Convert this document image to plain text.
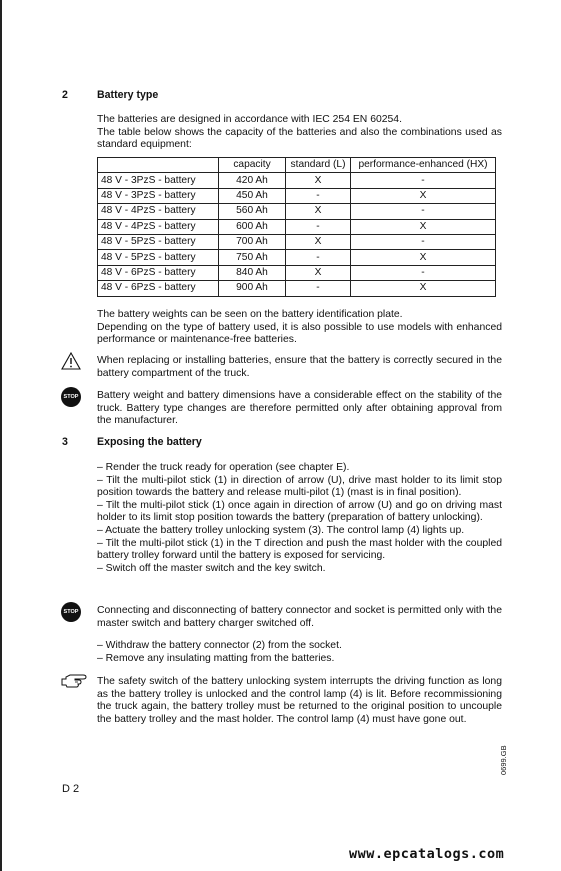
2	Battery type
The batteries are designed in accordance with IEC 254 EN 60254.
The table below shows the capacity of the batteries and also the combinations used as standard equipment:
	capacity	standard (L)	performance-enhanced (HX)
48 V - 3PzS - battery	420 Ah	X	-
48 V - 3PzS - battery	450 Ah	-	X
48 V - 4PzS - battery	560 Ah	X	-
48 V - 4PzS - battery	600 Ah	-	X
48 V - 5PzS - battery	700 Ah	X	-
48 V - 5PzS - battery	750 Ah	-	X
48 V - 6PzS - battery	840 Ah	X	-
48 V - 6PzS - battery	900 Ah	-	X
The battery weights can be seen on the battery identification plate.
Depending on the type of battery used, it is also possible to use models with enhanced performance or maintenance-free batteries.
When replacing or installing batteries, ensure that the battery is correctly secured in the battery compartment of the truck.
STOP Battery weight and battery dimensions have a considerable effect on the stability of the truck. Battery type changes are therefore permitted only after obtaining approval from the manufacturer.
3	Exposing the battery
– Render the truck ready for operation (see chapter E).
– Tilt the multi-pilot stick (1) in direction of arrow (U), drive mast holder to its limit stop position towards the battery and release multi-pilot (1) (mast is in final position).
– Tilt the multi-pilot stick (1) once again in direction of arrow (U) and go on driving mast holder to its limit stop position towards the battery (preparation of battery unlocking).
– Actuate the battery trolley unlocking system (3). The control lamp (4) lights up.
– Tilt the multi-pilot stick (1) in the T direction and push the mast holder with the coupled battery trolley forward until the battery is exposed for servicing.
– Switch off the master switch and the key switch.
STOP Connecting and disconnecting of battery connector and socket is permitted only with the master switch and battery charger switched off.
– Withdraw the battery connector (2) from the socket.
– Remove any insulating matting from the batteries.
The safety switch of the battery unlocking system interrupts the driving function as long as the battery trolley is unlocked and the control lamp (4) is lit. Before recommissioning the truck again, the battery trolley must be returned to the original position to uncouple the battery trolley and the mast holder. The control lamp (4) must have gone out.
D 2
0699.GB
www.epcatalogs.com
